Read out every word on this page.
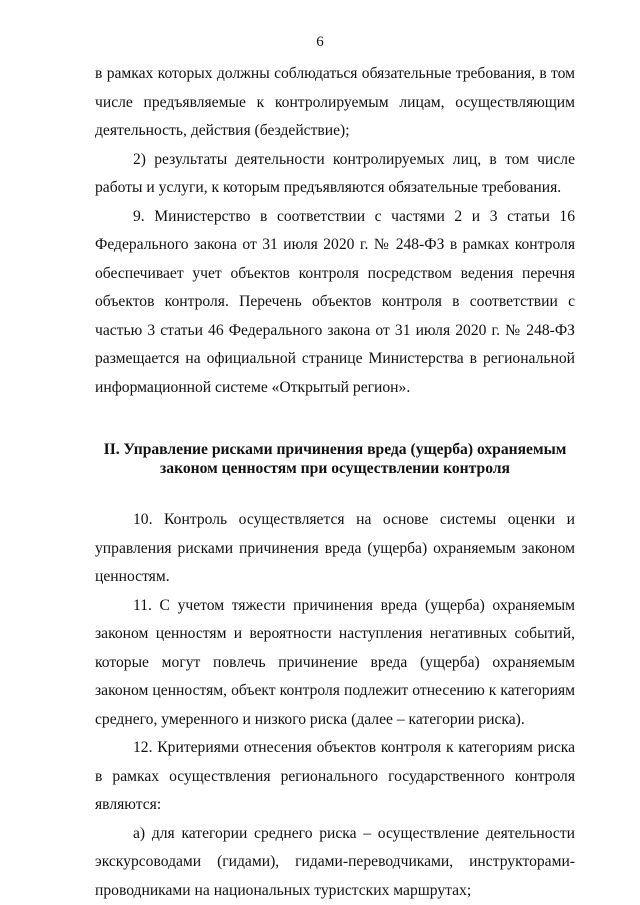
6

в рамках которых должны соблюдаться обязательные требования, в том числе предъявляемые к контролируемым лицам, осуществляющим деятельность, действия (бездействие);

2) результаты деятельности контролируемых лиц, в том числе работы и услуги, к которым предъявляются обязательные требования.

9. Министерство в соответствии с частями 2 и 3 статьи 16 Федерального закона от 31 июля 2020 г. № 248-ФЗ в рамках контроля обеспечивает учет объектов контроля посредством ведения перечня объектов контроля. Перечень объектов контроля в соответствии с частью 3 статьи 46 Федерального закона от 31 июля 2020 г. № 248-ФЗ размещается на официальной странице Министерства в региональной информационной системе «Открытый регион».

II. Управление рисками причинения вреда (ущерба) охраняемым
законом ценностям при осуществлении контроля

10. Контроль осуществляется на основе системы оценки и управления рисками причинения вреда (ущерба) охраняемым законом ценностям.

11. С учетом тяжести причинения вреда (ущерба) охраняемым законом ценностям и вероятности наступления негативных событий, которые могут повлечь причинение вреда (ущерба) охраняемым законом ценностям, объект контроля подлежит отнесению к категориям среднего, умеренного и низкого риска (далее – категории риска).

12. Критериями отнесения объектов контроля к категориям риска в рамках осуществления регионального государственного контроля являются:

а) для категории среднего риска – осуществление деятельности экскурсоводами (гидами), гидами-переводчиками, инструкторами-проводниками на национальных туристских маршрутах;
